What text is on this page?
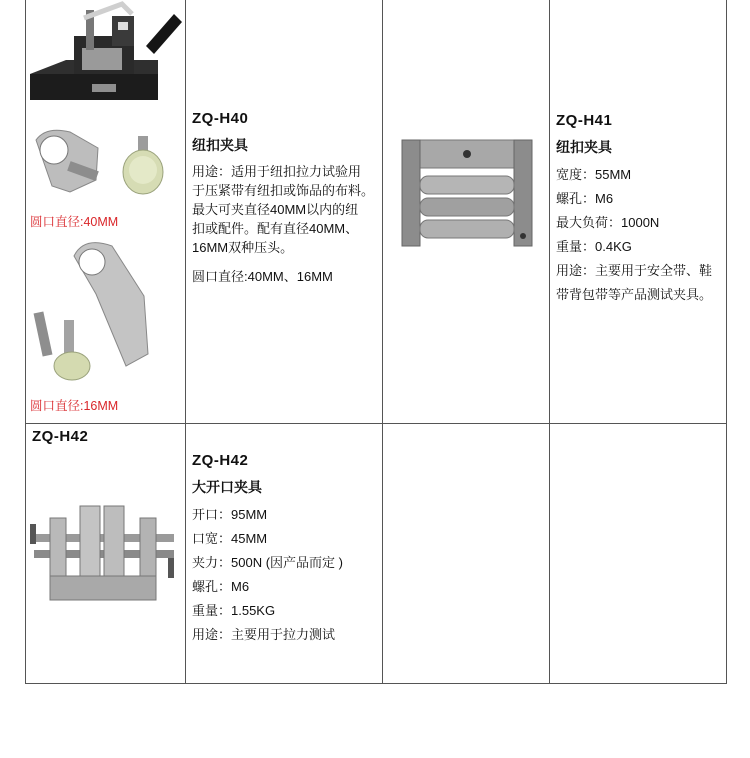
圆口直径:40MM
圆口直径:16MM
ZQ-H40
纽扣夹具
用途：适用于纽扣拉力试验用
于压紧带有纽扣或饰品的布料。
最大可夹直径40MM以内的纽
扣或配件。配有直径40MM、
16MM双种压头。
圆口直径:40MM、16MM
ZQ-H41
纽扣夹具
宽度：55MM
螺孔：M6
最大负荷：1000N
重量：0.4KG
用途：主要用于安全带、鞋
带背包带等产品测试夹具。
ZQ-H42
ZQ-H42
大开口夹具
开口：95MM
口宽：45MM
夹力：500N (因产品而定 )
螺孔：M6
重量：1.55KG
用途：主要用于拉力测试
